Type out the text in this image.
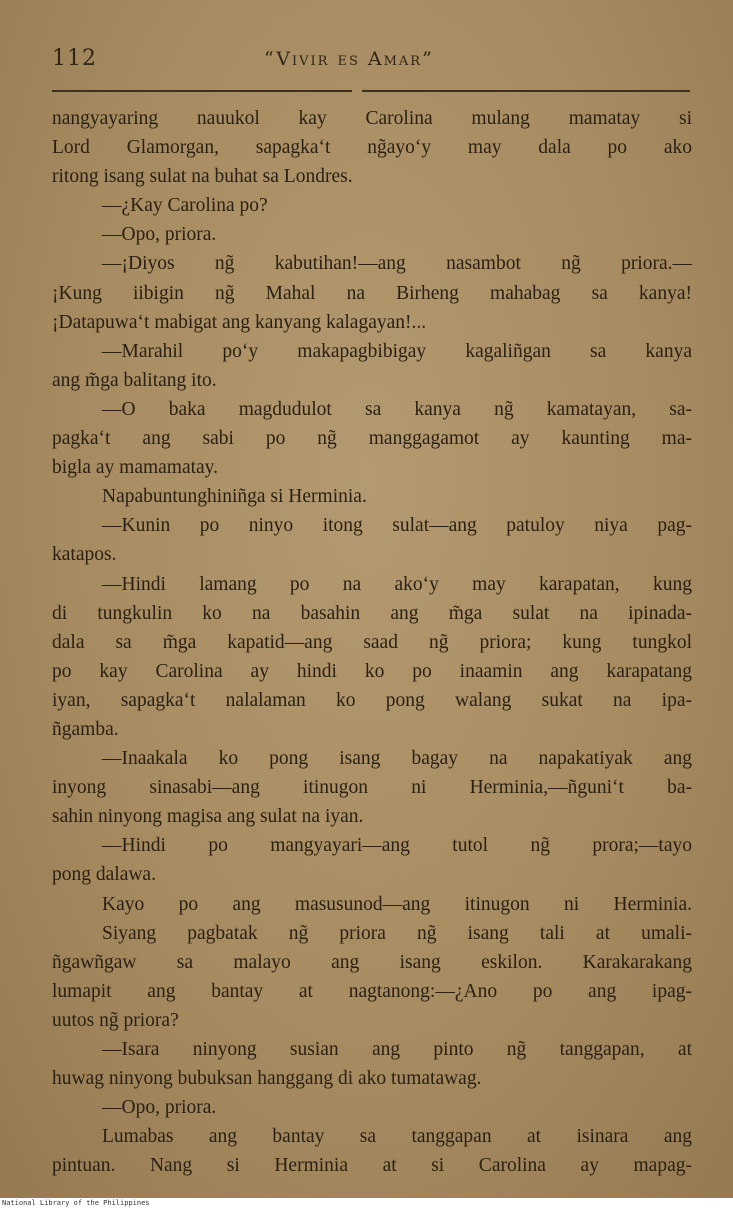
112	“Vivir es Amar”
nangyayaring nauukol kay Carolina mulang mamatay si
Lord Glamorgan, sapagka‘t ng̃ayo‘y may dala po ako
ritong isang sulat na buhat sa Londres.
—¿Kay Carolina po?
—Opo, priora.
—¡Diyos ng̃ kabutihan!—ang nasambot ng̃ priora.—
¡Kung iibigin ng̃ Mahal na Birheng mahabag sa kanya!
¡Datapuwa‘t mabigat ang kanyang kalagayan!...
—Marahil po‘y makapagbibigay kagaliñgan sa kanya
ang m̃ga balitang ito.
—O baka magdudulot sa kanya ng̃ kamatayan, sa-
pagka‘t ang sabi po ng̃ manggagamot ay kaunting ma-
bigla ay mamamatay.
Napabuntunghiniñga si Herminia.
—Kunin po ninyo itong sulat—ang patuloy niya pag-
katapos.
—Hindi lamang po na ako‘y may karapatan, kung
di tungkulin ko na basahin ang m̃ga sulat na ipinada-
dala sa m̃ga kapatid—ang saad ng̃ priora; kung tungkol
po kay Carolina ay hindi ko po inaamin ang karapatang
iyan, sapagka‘t nalalaman ko pong walang sukat na ipa-
ñgamba.
—Inaakala ko pong isang bagay na napakatiyak ang
inyong sinasabi—ang itinugon ni Herminia,—ñguni‘t ba-
sahin ninyong magisa ang sulat na iyan.
—Hindi po mangyayari—ang tutol ng̃ prora;—tayo
pong dalawa.
Kayo po ang masusunod—ang itinugon ni Herminia.
Siyang pagbatak ng̃ priora ng̃ isang tali at umali-
ñgawñgaw sa malayo ang isang eskilon. Karakarakang
lumapit ang bantay at nagtanong:—¿Ano po ang ipag-
uutos ng̃ priora?
—Isara ninyong susian ang pinto ng̃ tanggapan, at
huwag ninyong bubuksan hanggang di ako tumatawag.
—Opo, priora.
Lumabas ang bantay sa tanggapan at isinara ang
pintuan. Nang si Herminia at si Carolina ay mapag-
National Library of the Philippines
